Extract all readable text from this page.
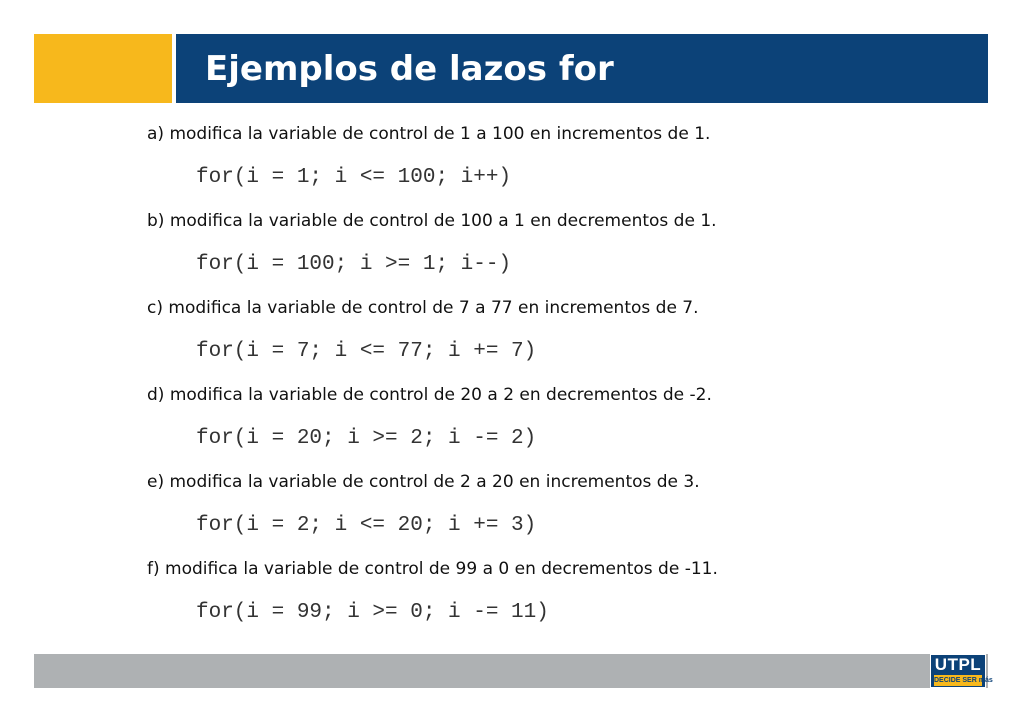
Ejemplos de lazos for
a) modifica la variable de control de 1 a 100 en incrementos de 1.
for(i = 1; i <= 100; i++)
b) modifica la variable de control de 100 a 1 en decrementos de 1.
for(i = 100; i >= 1; i--)
c) modifica la variable de control de 7 a 77 en incrementos de 7.
for(i = 7; i <= 77; i += 7)
d) modifica la variable de control de 20 a 2 en decrementos de -2.
for(i = 20; i >= 2; i -= 2)
e) modifica la variable de control de 2 a 20 en incrementos de 3.
for(i = 2; i <= 20; i += 3)
f) modifica la variable de control de 99 a 0 en decrementos de -11.
for(i = 99; i >= 0; i -= 11)
UTPL
DECIDE SER más
